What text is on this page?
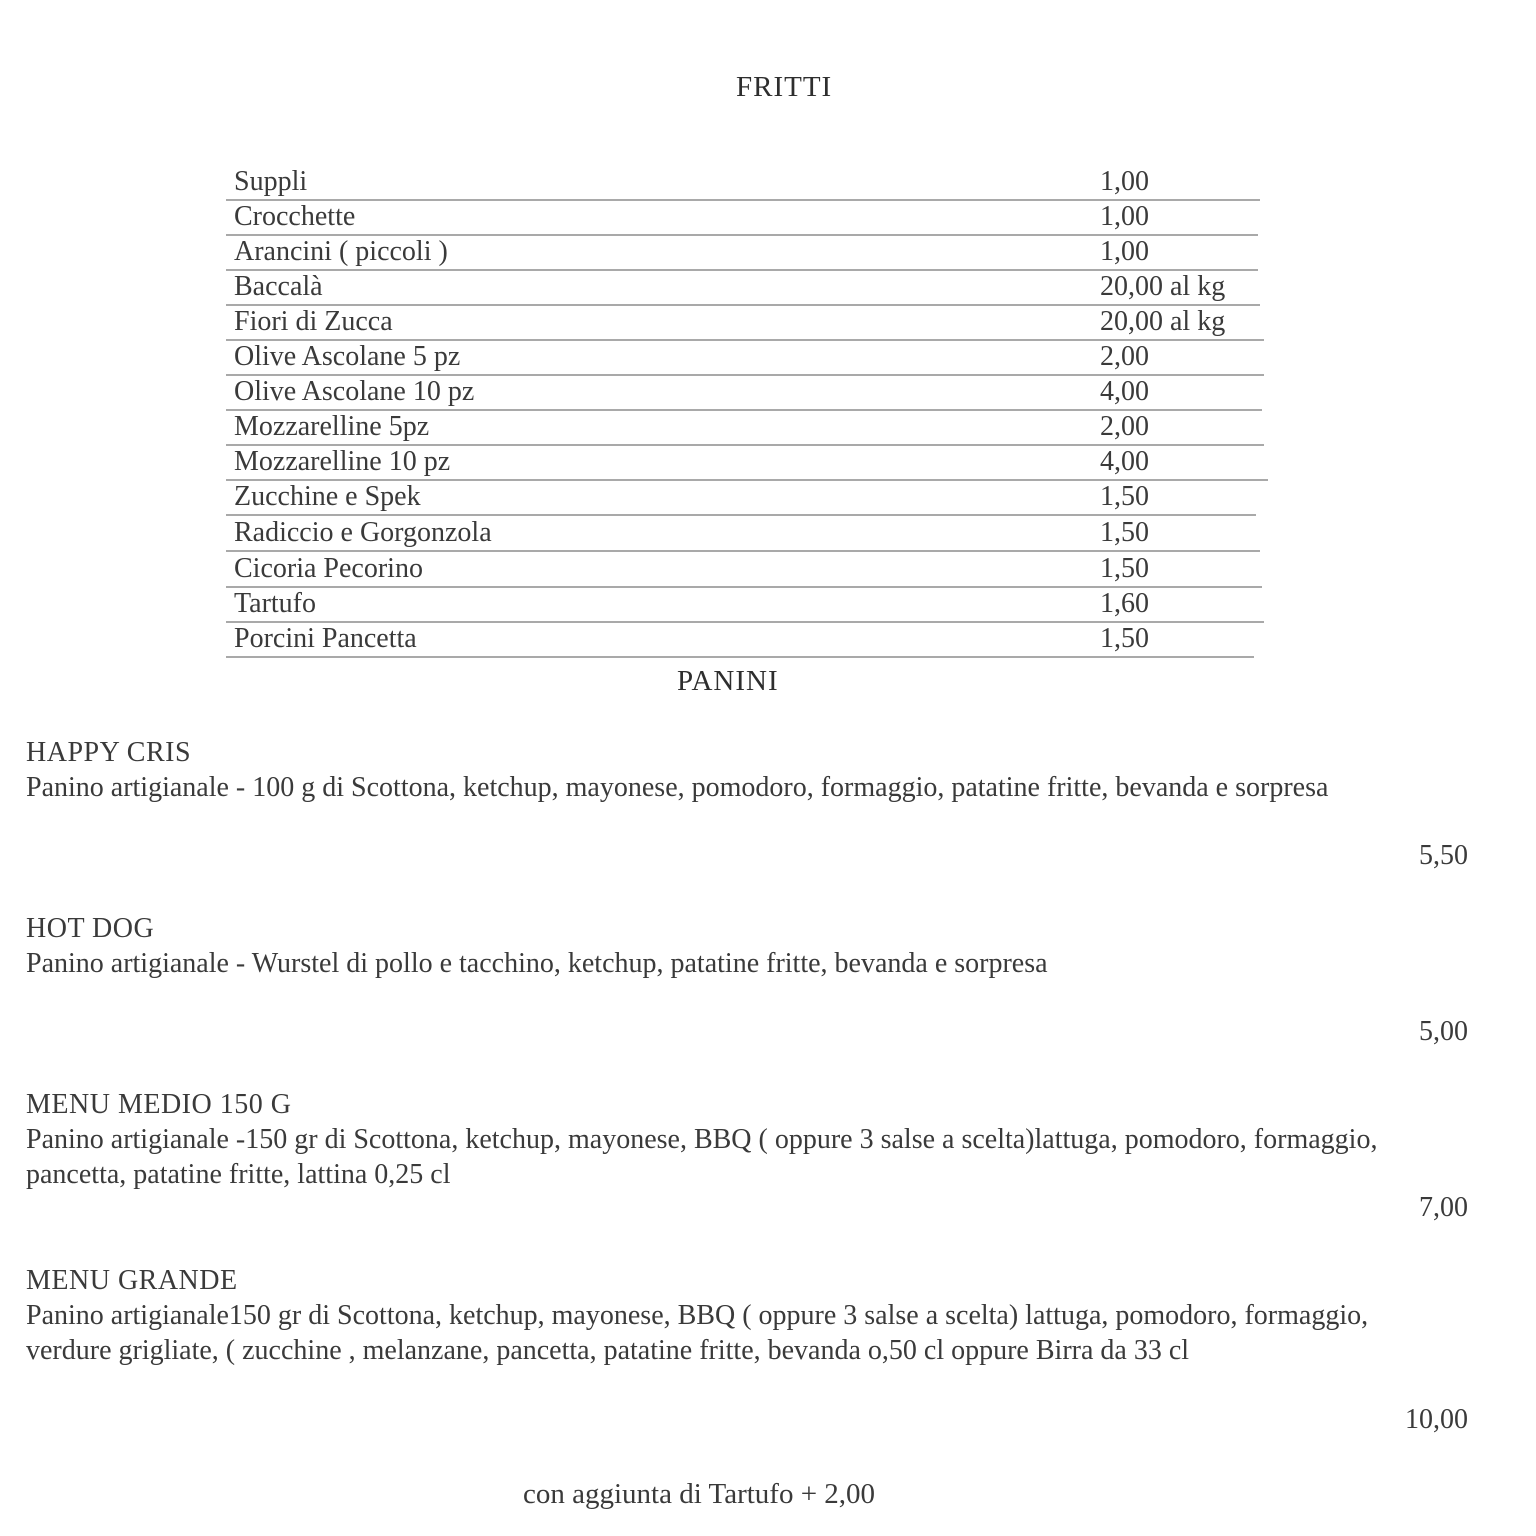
FRITTI
Suppli	1,00
Crocchette	1,00
Arancini ( piccoli )	1,00
Baccalà	20,00 al kg
Fiori di Zucca	20,00 al kg
Olive Ascolane 5 pz	2,00
Olive Ascolane 10 pz	4,00
Mozzarelline 5pz	2,00
Mozzarelline 10 pz	4,00
Zucchine e Spek	1,50
Radiccio e Gorgonzola	1,50
Cicoria Pecorino	1,50
Tartufo	1,60
Porcini Pancetta	1,50
PANINI
HAPPY CRIS
Panino artigianale - 100 g di Scottona, ketchup, mayonese, pomodoro, formaggio, patatine fritte, bevanda e sorpresa
5,50
HOT DOG
Panino artigianale - Wurstel di pollo e tacchino, ketchup, patatine fritte, bevanda e sorpresa
5,00
MENU MEDIO 150 G
Panino artigianale -150 gr di Scottona, ketchup, mayonese, BBQ ( oppure 3 salse a scelta)lattuga, pomodoro, formaggio, pancetta, patatine fritte, lattina 0,25 cl
7,00
MENU GRANDE
Panino artigianale150 gr di Scottona, ketchup, mayonese, BBQ ( oppure 3 salse a scelta) lattuga, pomodoro, formaggio, verdure grigliate, ( zucchine , melanzane, pancetta, patatine fritte, bevanda o,50 cl oppure Birra da 33 cl
10,00
con aggiunta di Tartufo + 2,00
